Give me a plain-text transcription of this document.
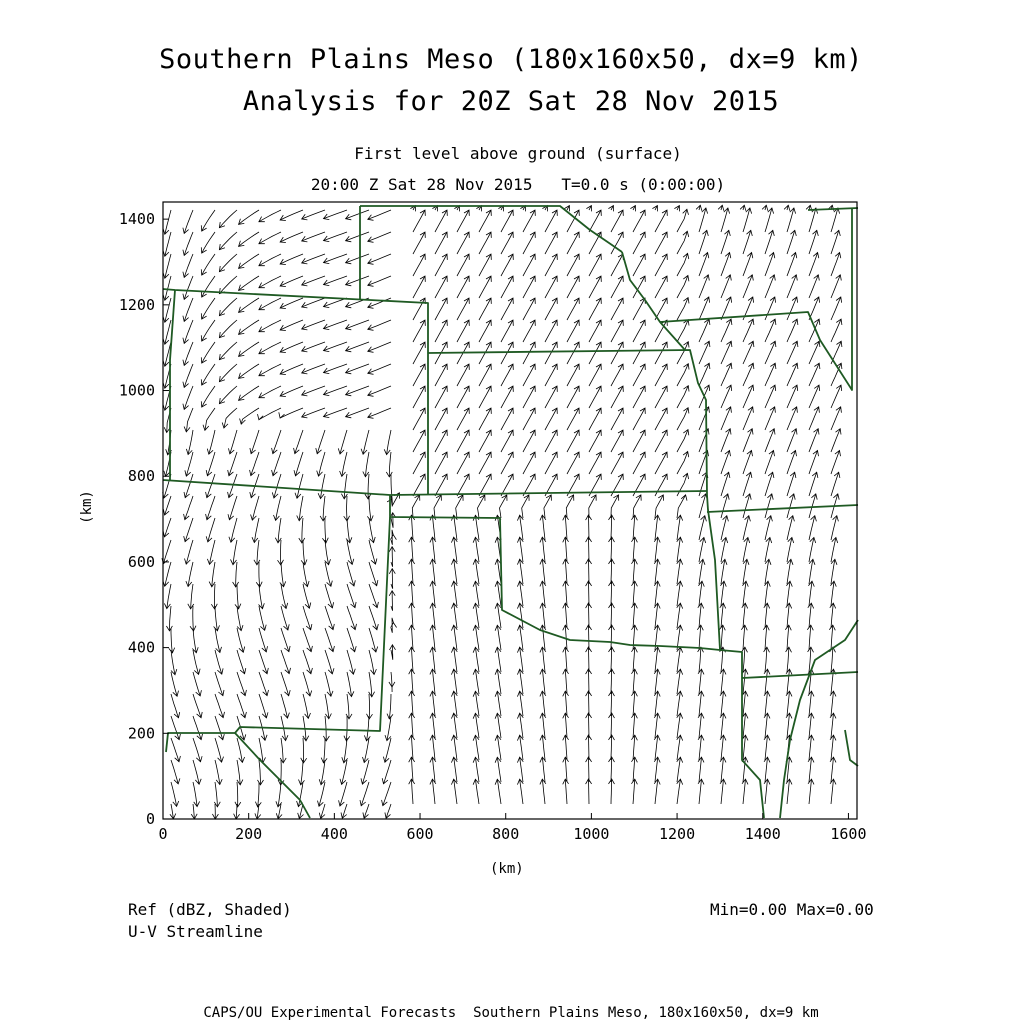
Southern Plains Meso (180x160x50, dx=9 km)
Analysis for 20Z Sat 28 Nov 2015
First level above ground (surface)
20:00 Z Sat 28 Nov 2015   T=0.0 s (0:00:00)
0	200	400	600	800	1000	1200	1400	1600
0
200
400
600
800
1000
1200
1400
(km)
(km)
Ref (dBZ, Shaded)
U-V Streamline
Min=0.00 Max=0.00
CAPS/OU Experimental Forecasts  Southern Plains Meso, 180x160x50, dx=9 km
